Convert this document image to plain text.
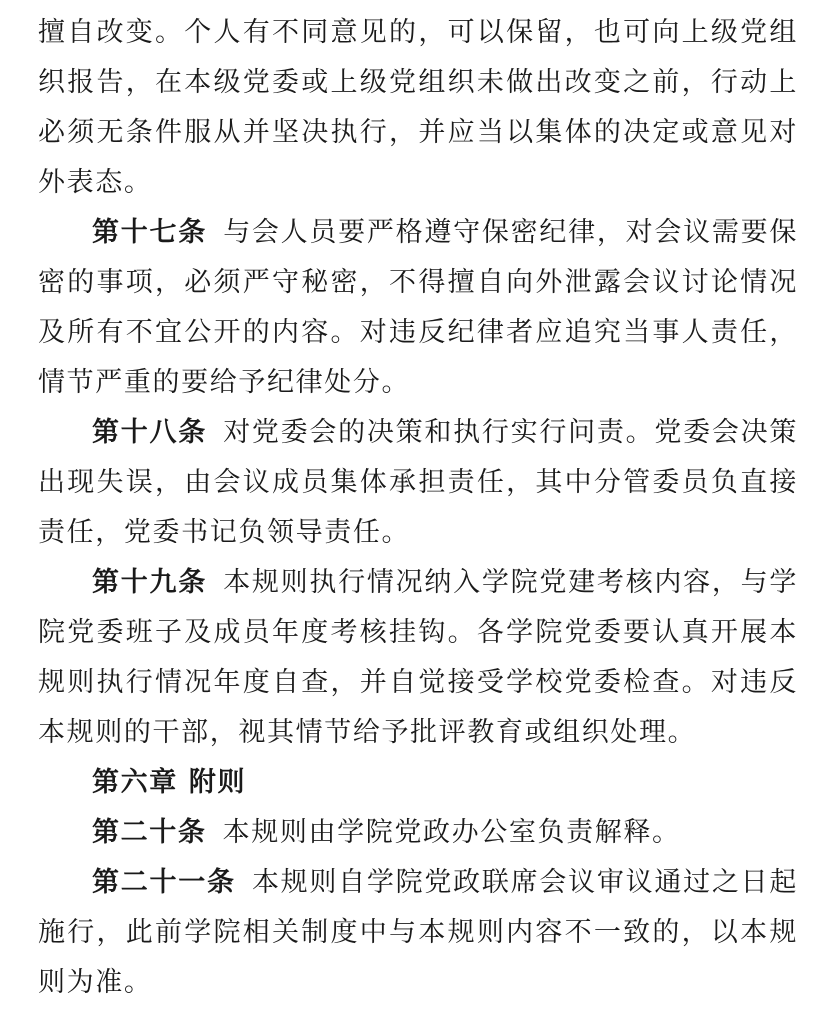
擅自改变。个人有不同意见的，可以保留，也可向上级党组织报告，在本级党委或上级党组织未做出改变之前，行动上必须无条件服从并坚决执行，并应当以集体的决定或意见对外表态。

第十七条 与会人员要严格遵守保密纪律，对会议需要保密的事项，必须严守秘密，不得擅自向外泄露会议讨论情况及所有不宜公开的内容。对违反纪律者应追究当事人责任，情节严重的要给予纪律处分。

第十八条 对党委会的决策和执行实行问责。党委会决策出现失误，由会议成员集体承担责任，其中分管委员负直接责任，党委书记负领导责任。

第十九条 本规则执行情况纳入学院党建考核内容，与学院党委班子及成员年度考核挂钩。各学院党委要认真开展本规则执行情况年度自查，并自觉接受学校党委检查。对违反本规则的干部，视其情节给予批评教育或组织处理。

第六章 附则

第二十条 本规则由学院党政办公室负责解释。

第二十一条 本规则自学院党政联席会议审议通过之日起施行，此前学院相关制度中与本规则内容不一致的，以本规则为准。
